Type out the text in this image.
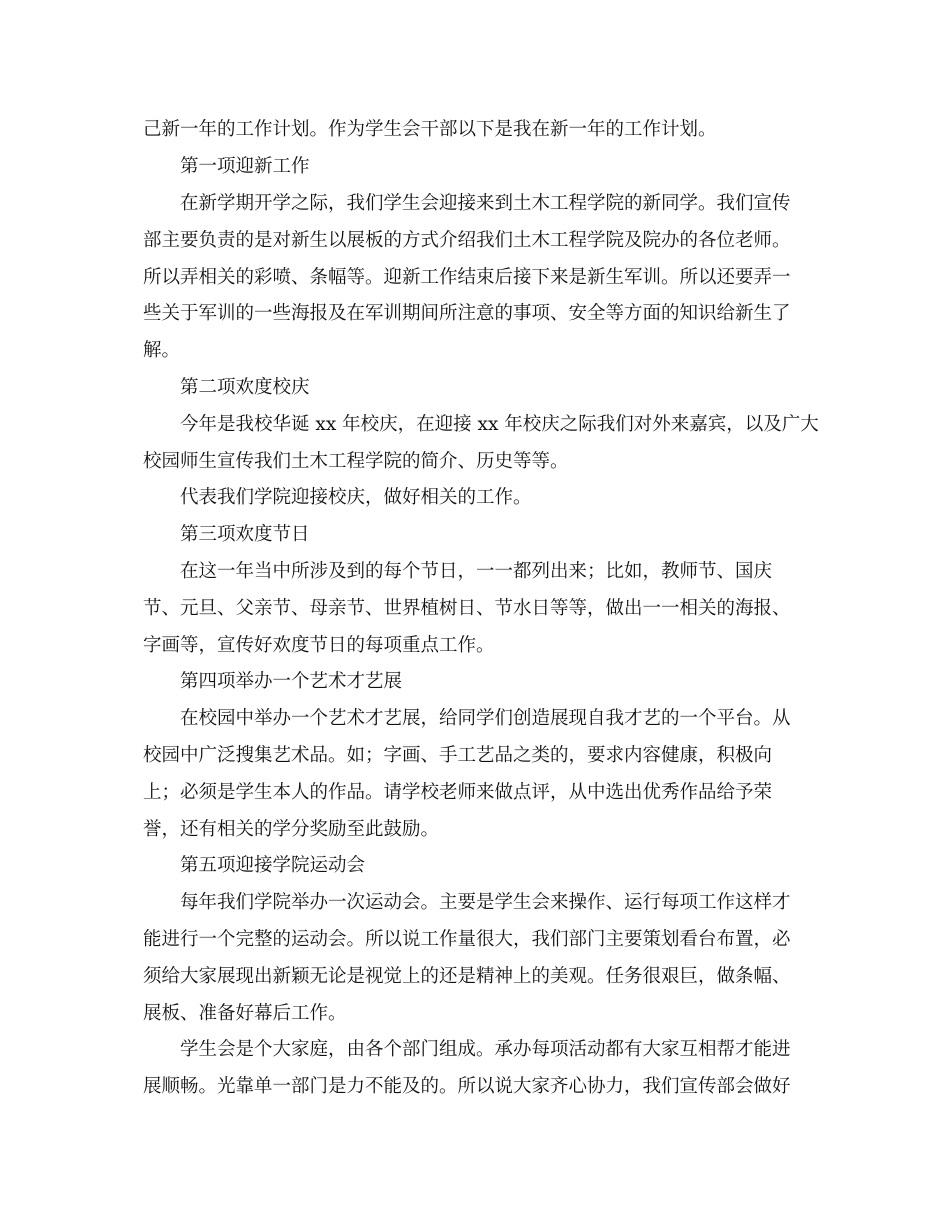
己新一年的工作计划。作为学生会干部以下是我在新一年的工作计划。

第一项迎新工作

在新学期开学之际，我们学生会迎接来到土木工程学院的新同学。我们宣传

部主要负责的是对新生以展板的方式介绍我们土木工程学院及院办的各位老师。

所以弄相关的彩喷、条幅等。迎新工作结束后接下来是新生军训。所以还要弄一

些关于军训的一些海报及在军训期间所注意的事项、安全等方面的知识给新生了

解。

第二项欢度校庆

今年是我校华诞 xx 年校庆，在迎接 xx 年校庆之际我们对外来嘉宾，以及广大

校园师生宣传我们土木工程学院的简介、历史等等。

代表我们学院迎接校庆，做好相关的工作。

第三项欢度节日

在这一年当中所涉及到的每个节日，一一都列出来；比如，教师节、国庆

节、元旦、父亲节、母亲节、世界植树日、节水日等等，做出一一相关的海报、

字画等，宣传好欢度节日的每项重点工作。

第四项举办一个艺术才艺展

在校园中举办一个艺术才艺展，给同学们创造展现自我才艺的一个平台。从

校园中广泛搜集艺术品。如；字画、手工艺品之类的，要求内容健康，积极向

上；必须是学生本人的作品。请学校老师来做点评，从中选出优秀作品给予荣

誉，还有相关的学分奖励至此鼓励。

第五项迎接学院运动会

每年我们学院举办一次运动会。主要是学生会来操作、运行每项工作这样才

能进行一个完整的运动会。所以说工作量很大，我们部门主要策划看台布置，必

须给大家展现出新颖无论是视觉上的还是精神上的美观。任务很艰巨，做条幅、

展板、准备好幕后工作。

学生会是个大家庭，由各个部门组成。承办每项活动都有大家互相帮才能进

展顺畅。光靠单一部门是力不能及的。所以说大家齐心协力，我们宣传部会做好
